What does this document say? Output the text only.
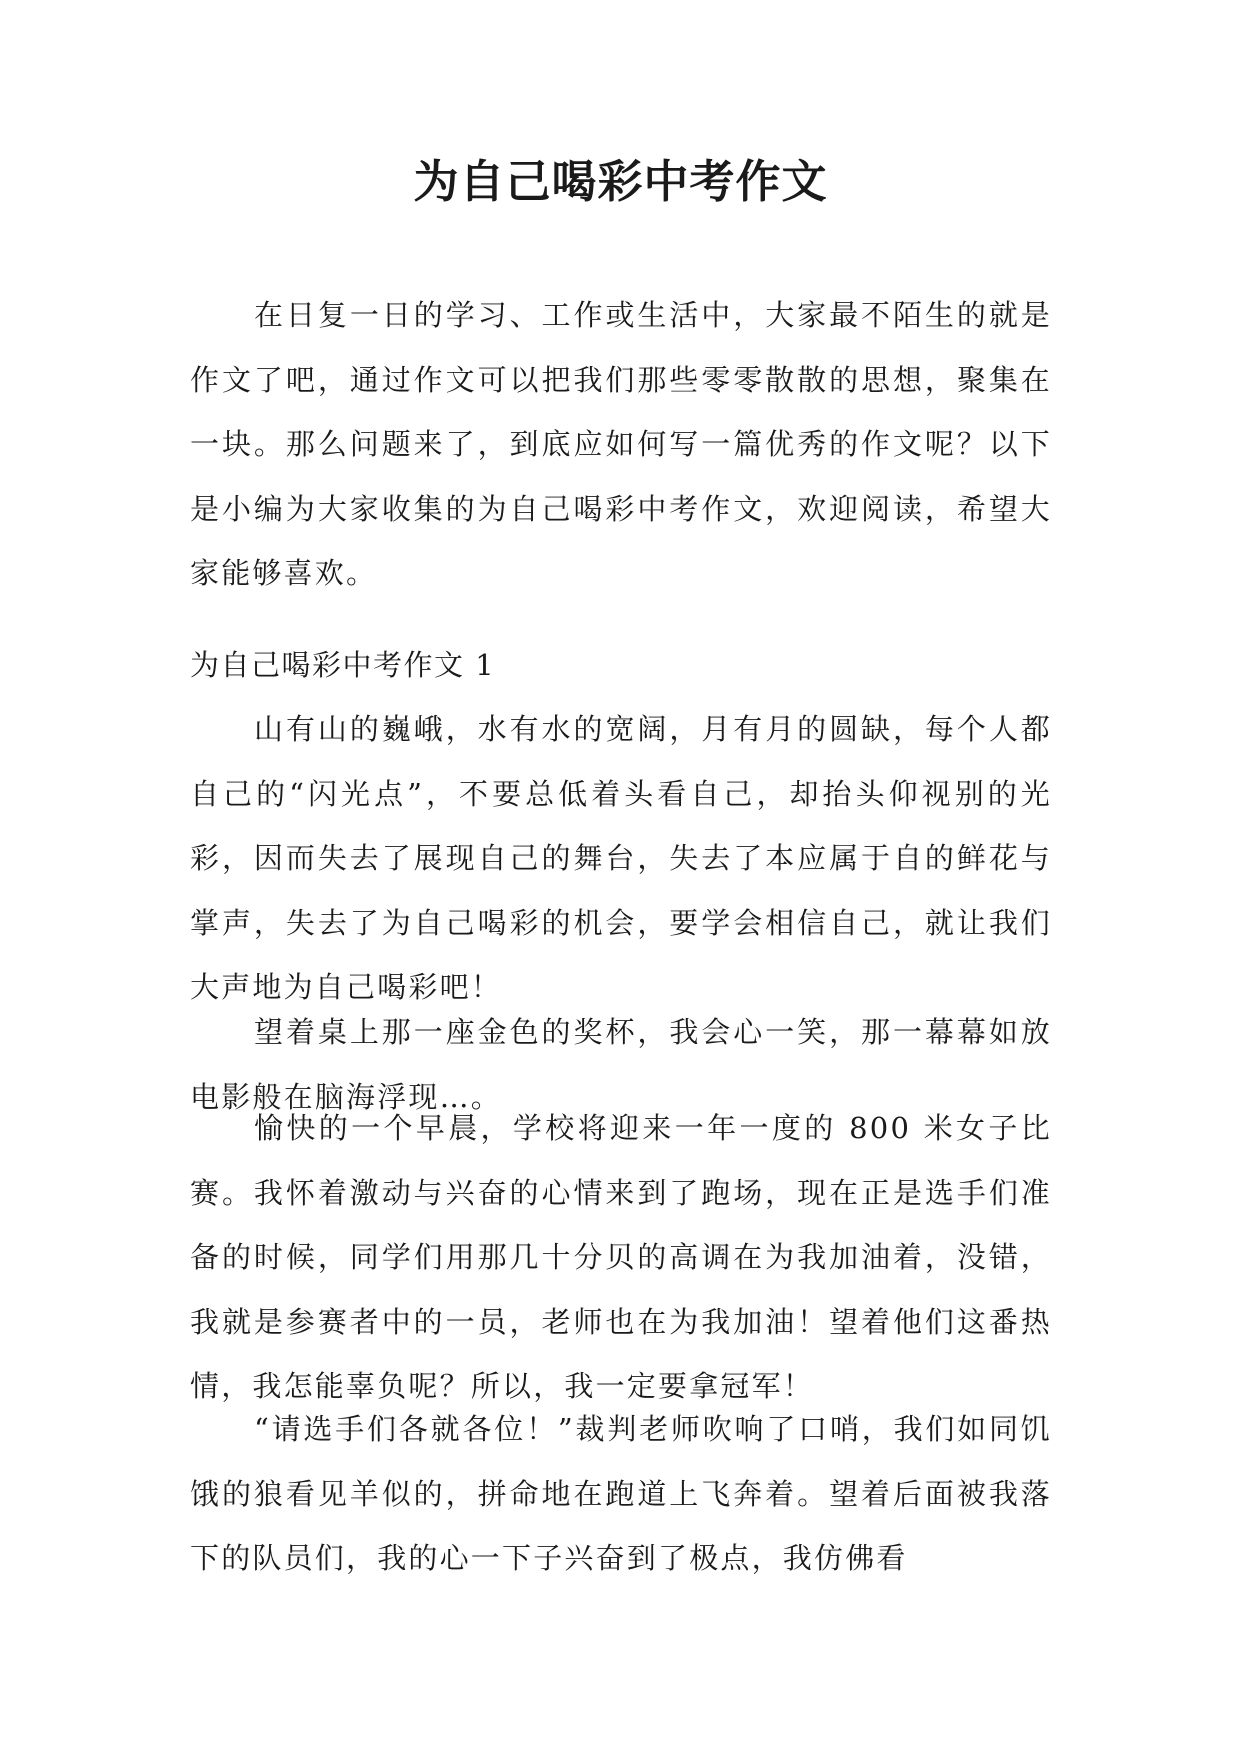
为自己喝彩中考作文

在日复一日的学习、工作或生活中，大家最不陌生的就是作文了吧，通过作文可以把我们那些零零散散的思想，聚集在一块。那么问题来了，到底应如何写一篇优秀的作文呢？以下是小编为大家收集的为自己喝彩中考作文，欢迎阅读，希望大家能够喜欢。

为自己喝彩中考作文 1

山有山的巍峨，水有水的宽阔，月有月的圆缺，每个人都自己的“闪光点”，不要总低着头看自己，却抬头仰视别的光彩，因而失去了展现自己的舞台，失去了本应属于自的鲜花与掌声，失去了为自己喝彩的机会，要学会相信自己，就让我们大声地为自己喝彩吧！

望着桌上那一座金色的奖杯，我会心一笑，那一幕幕如放电影般在脑海浮现…。

愉快的一个早晨，学校将迎来一年一度的 800 米女子比赛。我怀着激动与兴奋的心情来到了跑场，现在正是选手们准备的时候，同学们用那几十分贝的高调在为我加油着，没错，我就是参赛者中的一员，老师也在为我加油！望着他们这番热情，我怎能辜负呢？所以，我一定要拿冠军！

“请选手们各就各位！”裁判老师吹响了口哨，我们如同饥饿的狼看见羊似的，拼命地在跑道上飞奔着。望着后面被我落下的队员们，我的心一下子兴奋到了极点，我仿佛看
